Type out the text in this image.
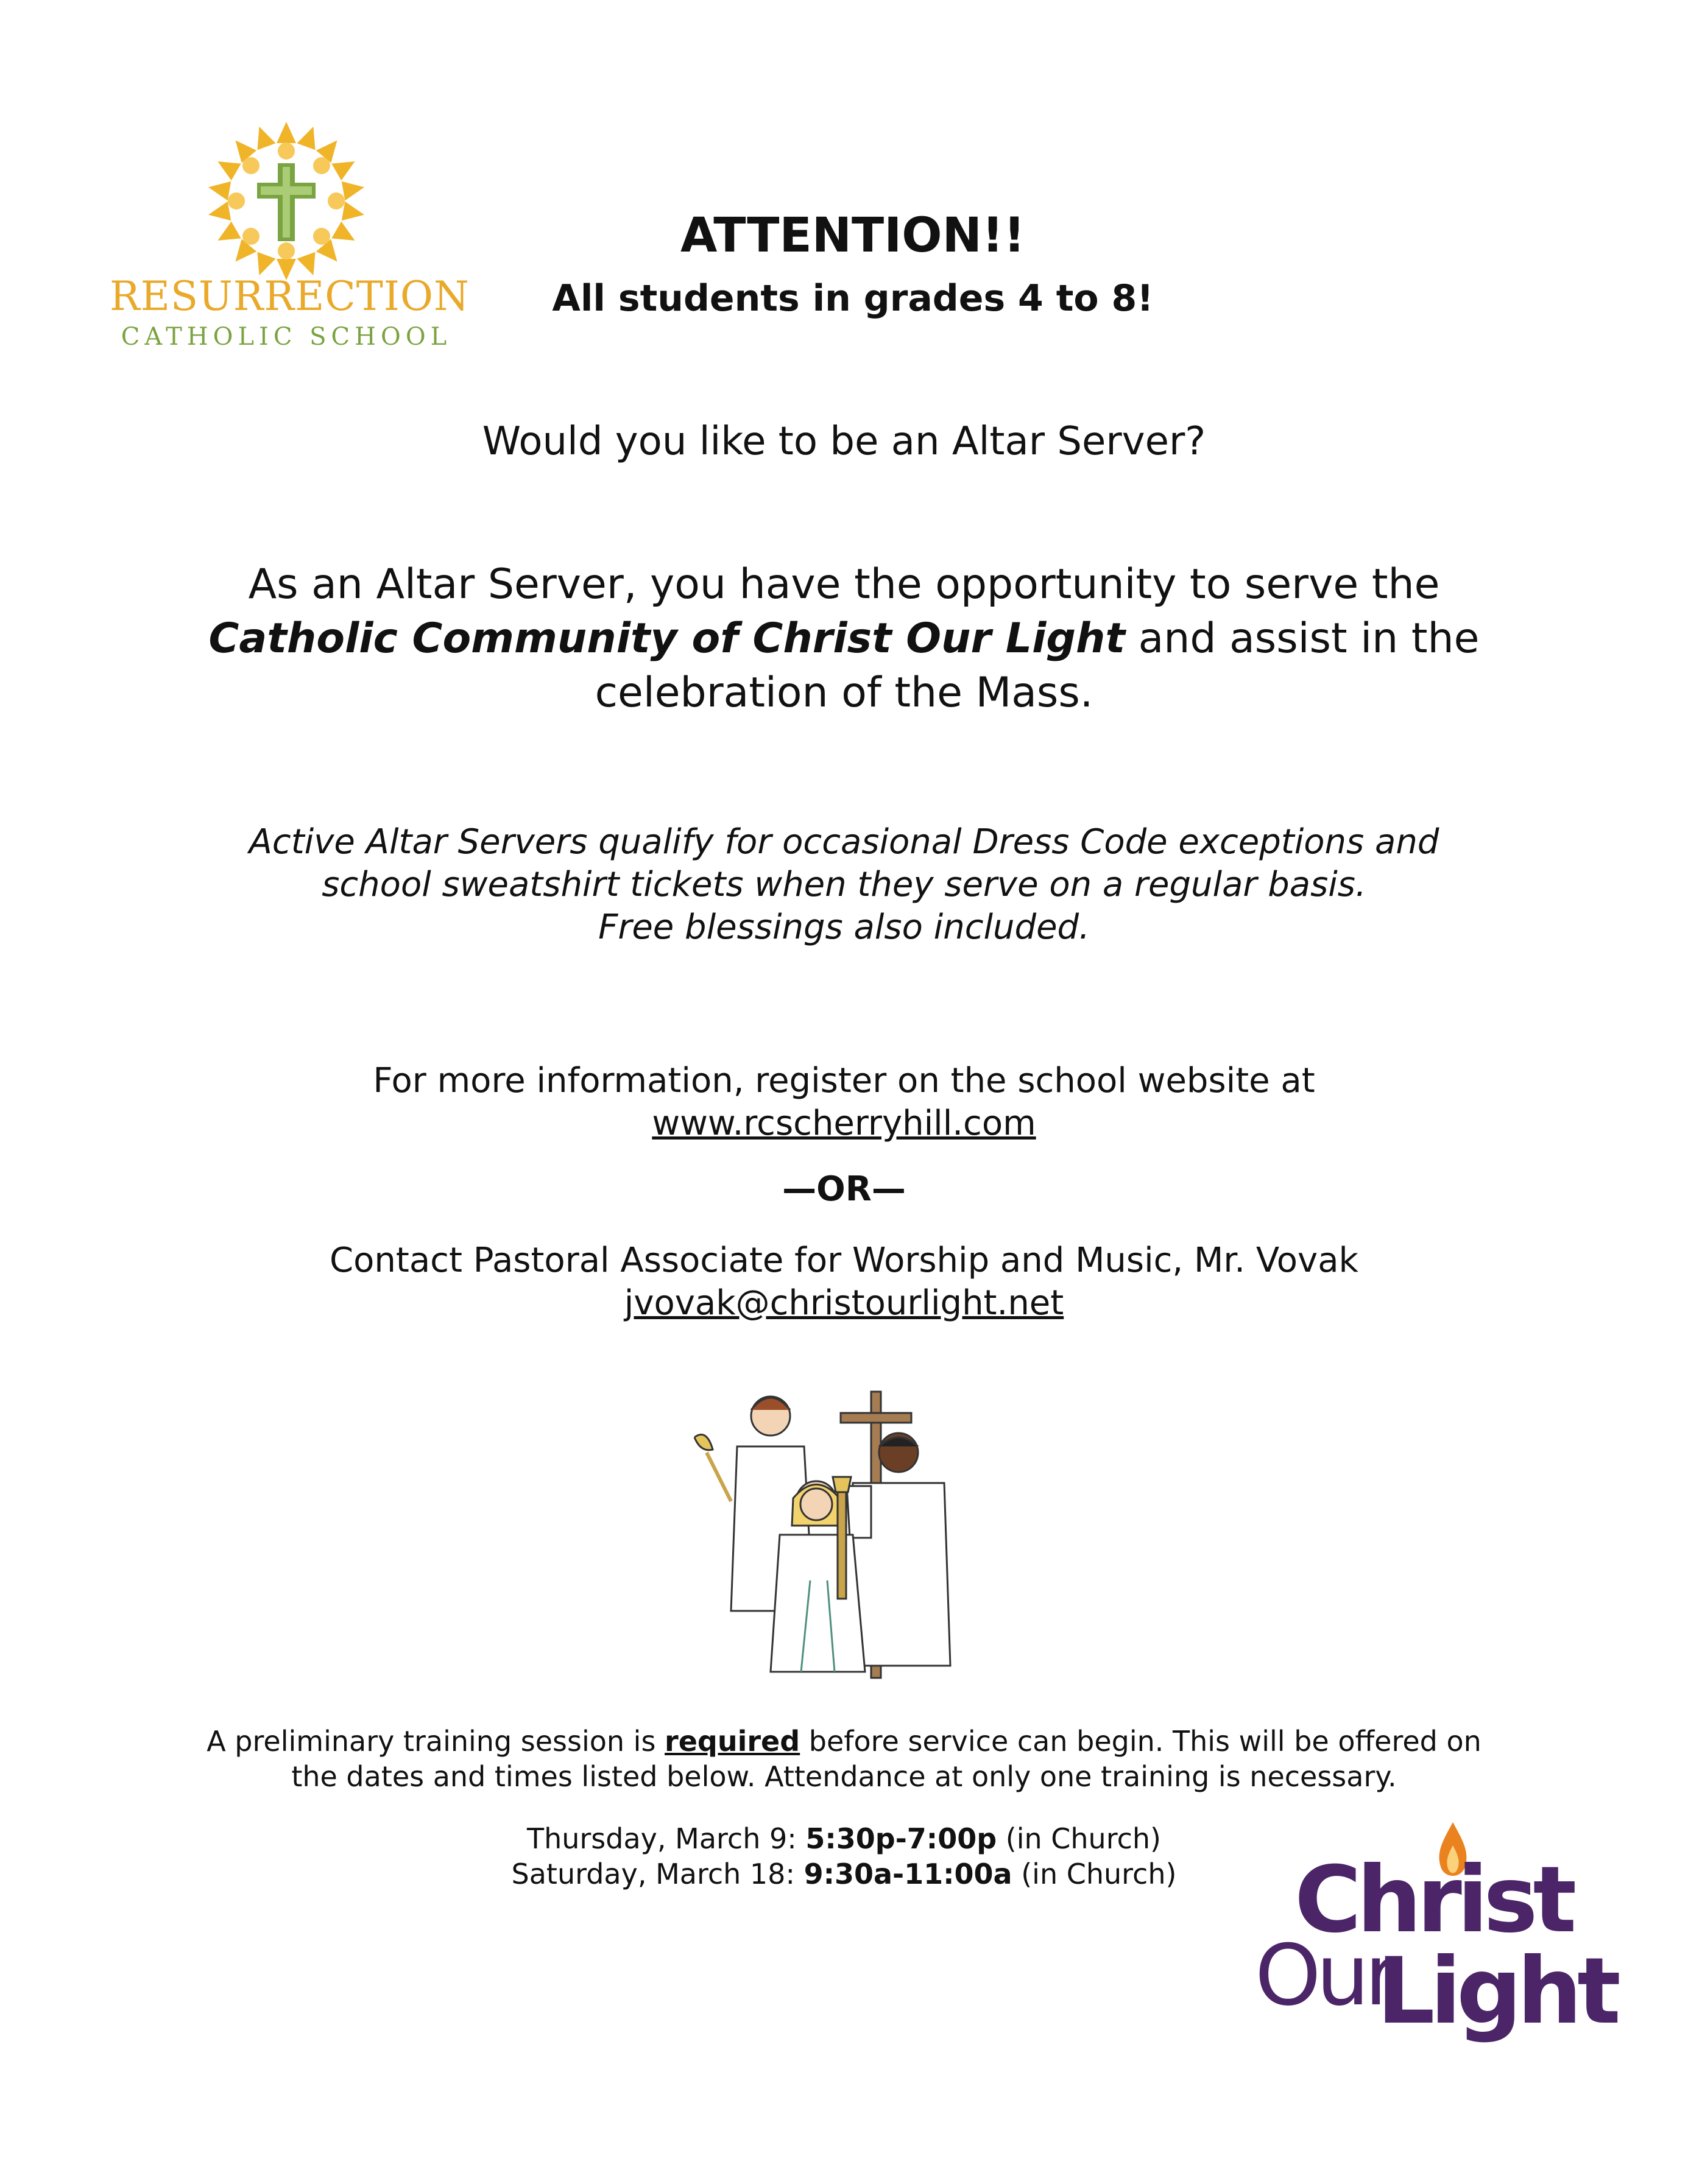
RESURRECTION
CATHOLIC SCHOOL
ATTENTION!!
All students in grades 4 to 8!
Would you like to be an Altar Server?
As an Altar Server, you have the opportunity to serve the
Catholic Community of Christ Our Light and assist in the
celebration of the Mass.
Active Altar Servers qualify for occasional Dress Code exceptions and
school sweatshirt tickets when they serve on a regular basis.
Free blessings also included.
For more information, register on the school website at
www.rcscherryhill.com
—OR—
Contact Pastoral Associate for Worship and Music, Mr. Vovak
jvovak@christourlight.net
A preliminary training session is required before service can begin. This will be offered on
the dates and times listed below. Attendance at only one training is necessary.
Thursday, March 9: 5:30p-7:00p (in Church)
Saturday, March 18: 9:30a-11:00a (in Church)	Christ
Our
Light
